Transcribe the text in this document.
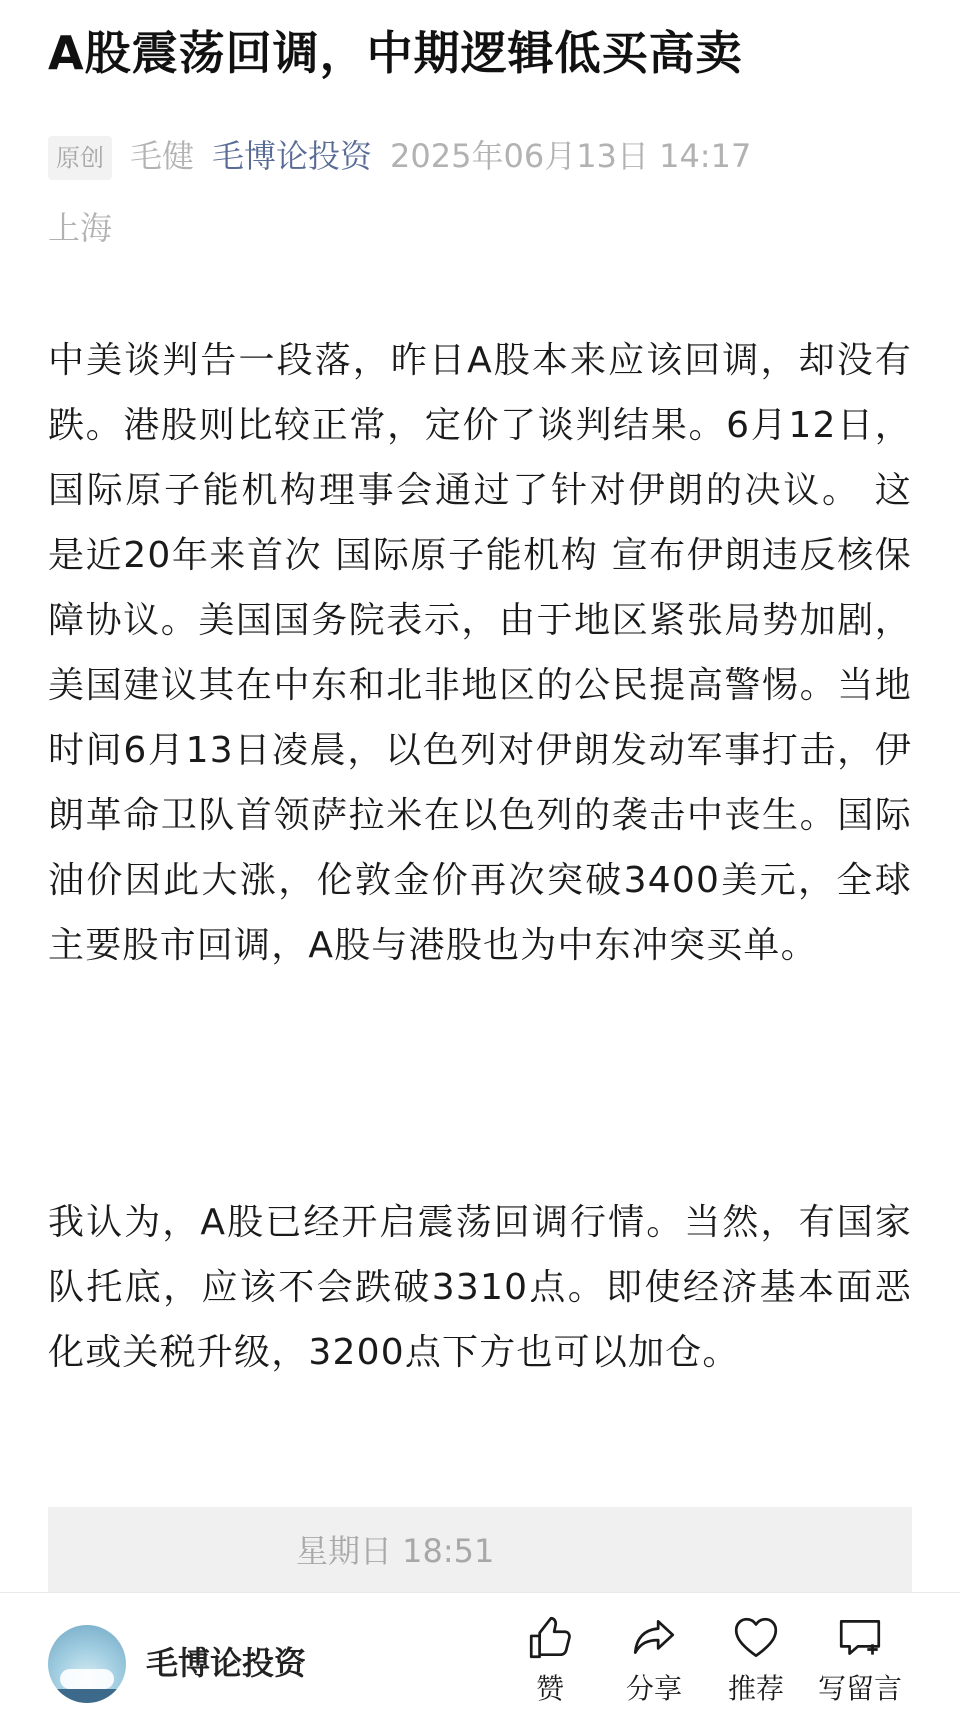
A股震荡回调，中期逻辑低买高卖
原创 毛健 毛博论投资 2025年06月13日 14:17
上海
中美谈判告一段落，昨日A股本来应该回调，却没有跌。港股则比较正常，定价了谈判结果。6月12日，国际原子能机构理事会通过了针对伊朗的决议。 这是近20年来首次 国际原子能机构 宣布伊朗违反核保障协议。美国国务院表示，由于地区紧张局势加剧，美国建议其在中东和北非地区的公民提高警惕。当地时间6月13日凌晨，以色列对伊朗发动军事打击，伊朗革命卫队首领萨拉米在以色列的袭击中丧生。国际油价因此大涨，伦敦金价再次突破3400美元，全球主要股市回调，A股与港股也为中东冲突买单。
我认为，A股已经开启震荡回调行情。当然，有国家队托底，应该不会跌破3310点。即使经济基本面恶化或关税升级，3200点下方也可以加仓。
星期日 18:51
毛博论投资
赞	分享	推荐	写留言
